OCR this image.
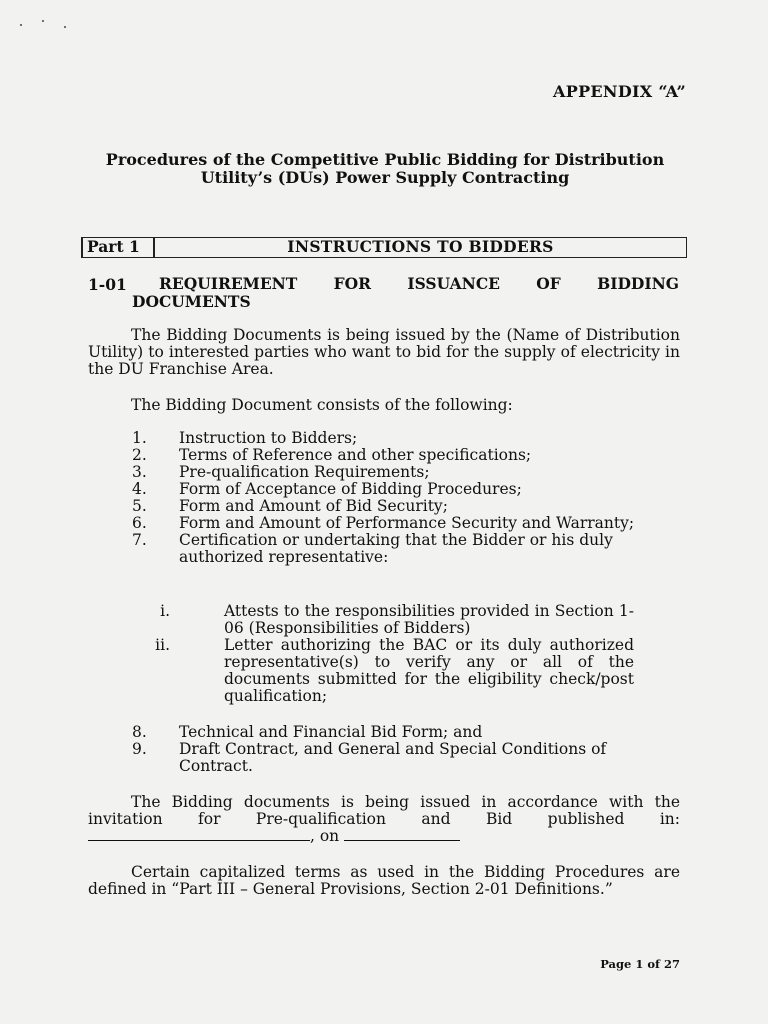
APPENDIX “A”
Procedures of the Competitive Public Bidding for Distribution
Utility’s (DUs) Power Supply Contracting
Part 1	INSTRUCTIONS TO BIDDERS
1-01 REQUIREMENT FOR ISSUANCE OF BIDDING
DOCUMENTS
The Bidding Documents is being issued by the (Name of Distribution Utility) to interested parties who want to bid for the supply of electricity in the DU Franchise Area.
The Bidding Document consists of the following:
1. Instruction to Bidders;
2. Terms of Reference and other specifications;
3. Pre-qualification Requirements;
4. Form of Acceptance of Bidding Procedures;
5. Form and Amount of Bid Security;
6. Form and Amount of Performance Security and Warranty;
7. Certification or undertaking that the Bidder or his duly authorized representative:
i.	Attests to the responsibilities provided in Section 1-06 (Responsibilities of Bidders)
ii.	Letter authorizing the BAC or its duly authorized representative(s) to verify any or all of the documents submitted for the eligibility check/post qualification;
8. Technical and Financial Bid Form; and
9. Draft Contract, and General and Special Conditions of Contract.
The Bidding documents is being issued in accordance with the
invitation for Pre-qualification and Bid published in:
, on
Certain capitalized terms as used in the Bidding Procedures are defined in “Part III – General Provisions, Section 2-01 Definitions.”
Page 1 of 27
